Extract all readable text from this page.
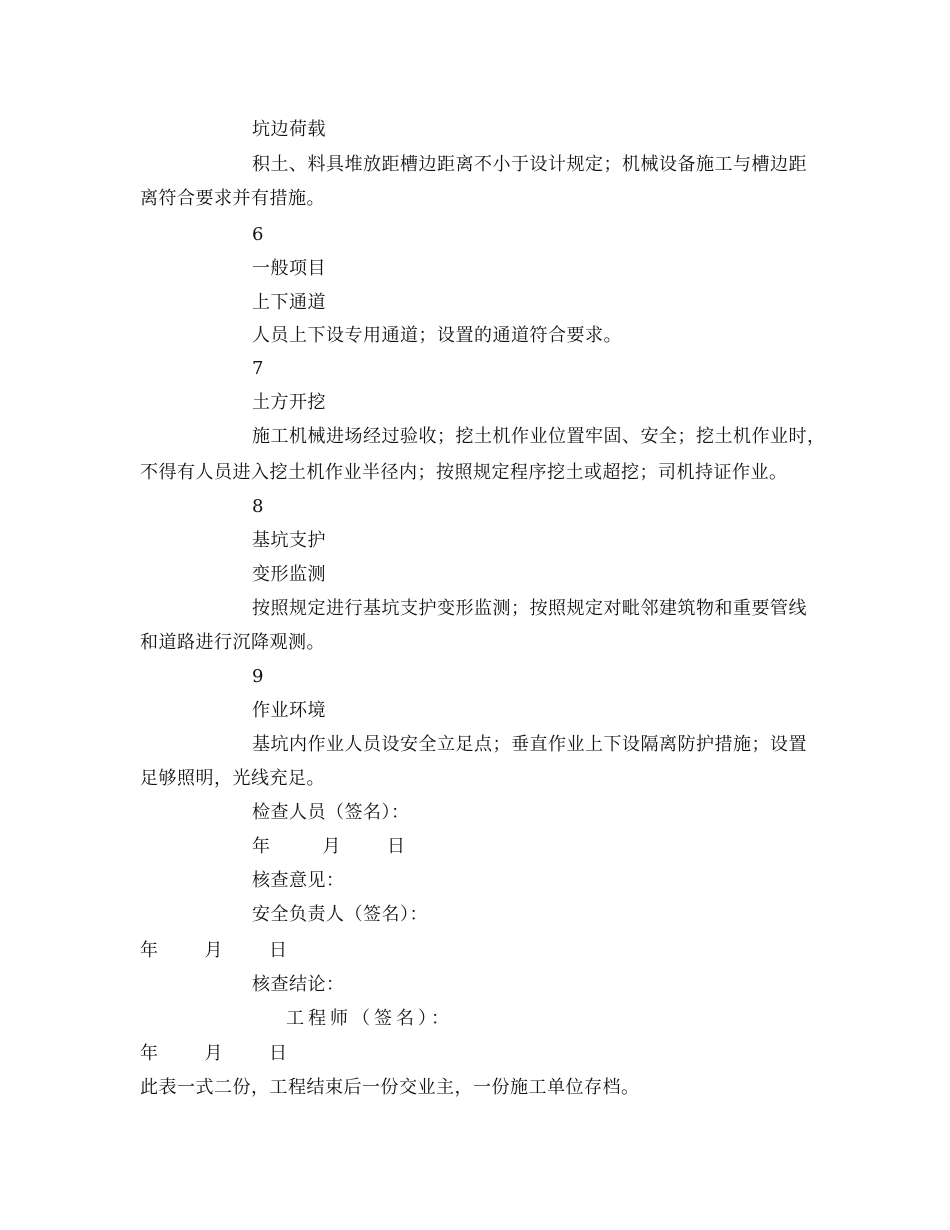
坑边荷载
积土、料具堆放距槽边距离不小于设计规定；机械设备施工与槽边距
离符合要求并有措施。
6
一般项目
上下通道
人员上下设专用通道；设置的通道符合要求。
7
土方开挖
施工机械进场经过验收；挖土机作业位置牢固、安全；挖土机作业时，
不得有人员进入挖土机作业半径内；按照规定程序挖土或超挖；司机持证作业。
8
基坑支护
变形监测
按照规定进行基坑支护变形监测；按照规定对毗邻建筑物和重要管线
和道路进行沉降观测。
9
作业环境
基坑内作业人员设安全立足点；垂直作业上下设隔离防护措施；设置
足够照明，光线充足。
检查人员（签名）：
年	月	日
核查意见：
安全负责人（签名）：
年	月	日
核查结论：
工程师（签名）：
年	月	日
此表一式二份，工程结束后一份交业主，一份施工单位存档。
